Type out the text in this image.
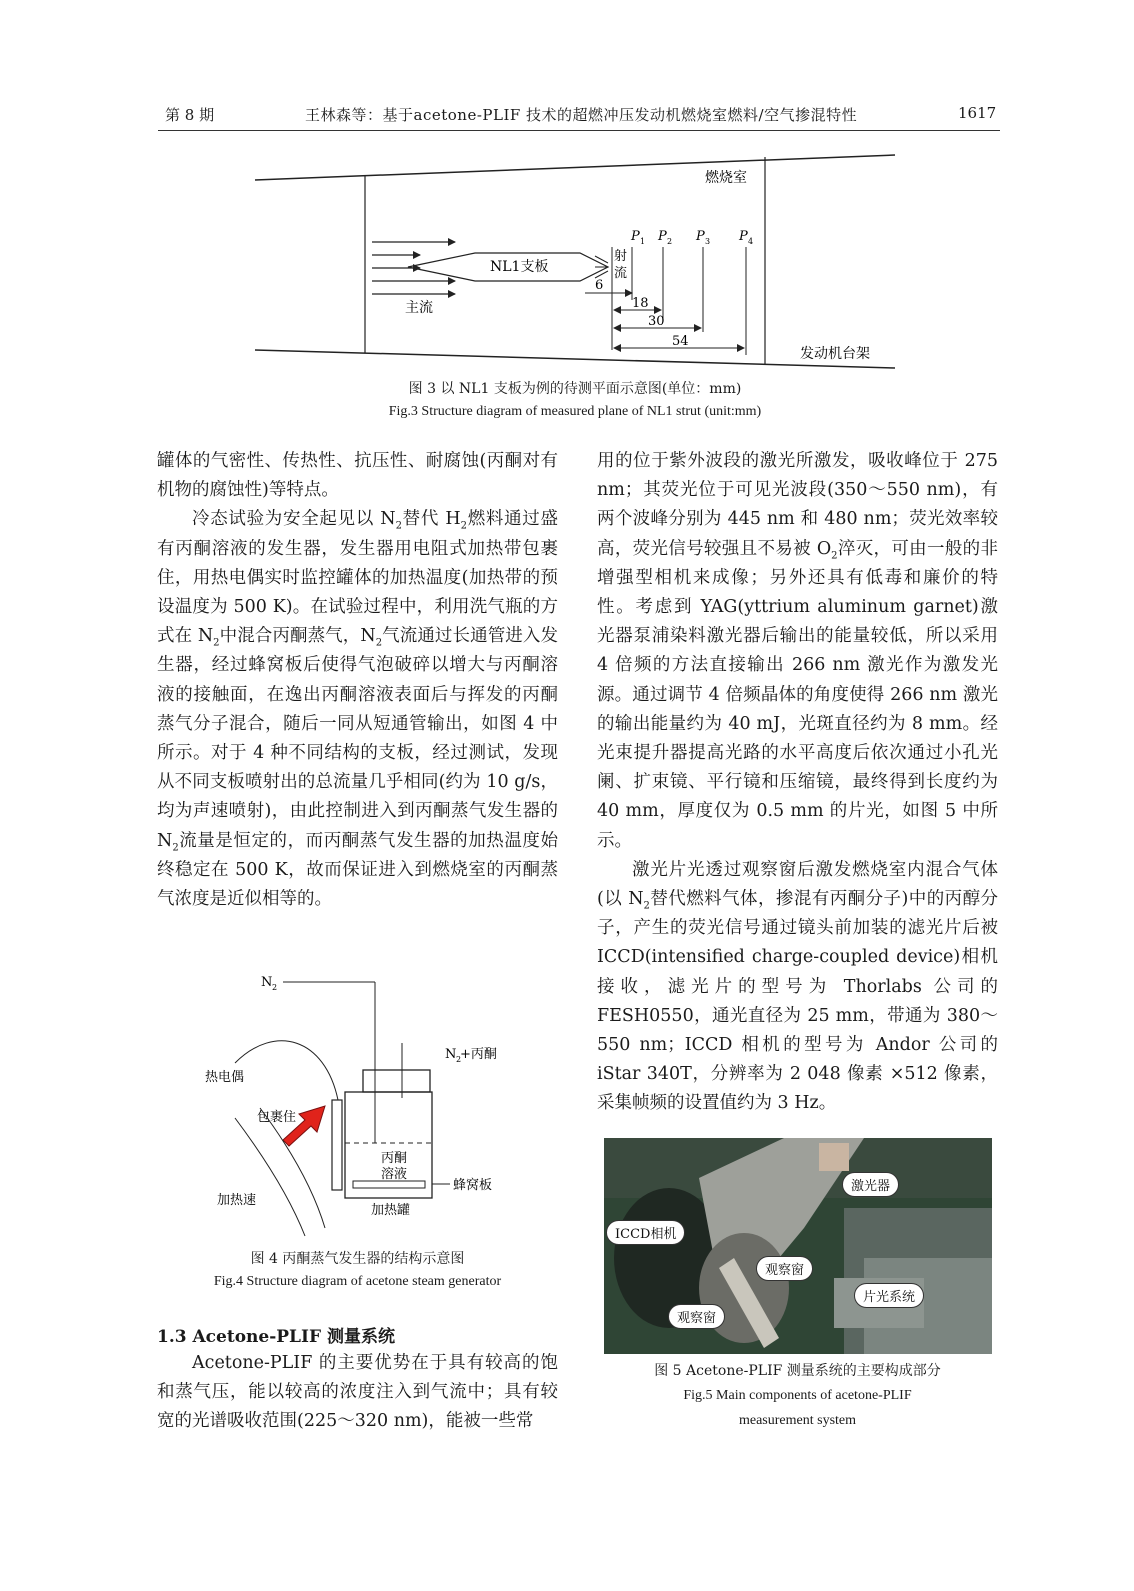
第 8 期	王林森等：基于acetone-PLIF 技术的超燃冲压发动机燃烧室燃料/空气掺混特性	1617
NL1支板
射
流
P 1 P 2 P 3 P 4
6
18
30
54
燃烧室
主流
发动机台架
图 3 以 NL1 支板为例的待测平面示意图(单位：mm)
Fig.3 Structure diagram of measured plane of NL1 strut (unit:mm)

罐体的气密性、传热性、抗压性、耐腐蚀(丙酮对有机物的腐蚀性)等特点。

冷态试验为安全起见以 $N_2$替代 $H_2$燃料通过盛有丙酮溶液的发生器，发生器用电阻式加热带包裹住，用热电偶实时监控罐体的加热温度(加热带的预设温度为 500 K)。在试验过程中，利用洗气瓶的方式在 $N_2$中混合丙酮蒸气，$N_2$气流通过长通管进入发生器，经过蜂窝板后使得气泡破碎以增大与丙酮溶液的接触面，在逸出丙酮溶液表面后与挥发的丙酮蒸气分子混合，随后一同从短通管输出，如图 4 中所示。对于 4 种不同结构的支板，经过测试，发现从不同支板喷射出的总流量几乎相同(约为 10 g/s，均为声速喷射)，由此控制进入到丙酮蒸气发生器的 $N_2$流量是恒定的，而丙酮蒸气发生器的加热温度始终稳定在 500 K，故而保证进入到燃烧室的丙酮蒸气浓度是近似相等的。

N 2
N 2
+丙酮
丙酮
溶液
蜂窝板
加热罐
热电偶
包裹住
加热速
图 4 丙酮蒸气发生器的结构示意图
Fig.4 Structure diagram of acetone steam generator
1.3 Acetone-PLIF 测量系统

Acetone-PLIF 的主要优势在于具有较高的饱和蒸气压，能以较高的浓度注入到气流中；具有较宽的光谱吸收范围(225～320 nm)，能被一些常

用的位于紫外波段的激光所激发，吸收峰位于 275 nm；其荧光位于可见光波段(350～550 nm)，有两个波峰分别为 445 nm 和 480 nm；荧光效率较高，荧光信号较强且不易被 $O_2$淬灭，可由一般的非增强型相机来成像；另外还具有低毒和廉价的特性。考虑到 YAG(yttrium aluminum garnet)激光器泵浦染料激光器后输出的能量较低，所以采用 4 倍频的方法直接输出 266 nm 激光作为激发光源。通过调节 4 倍频晶体的角度使得 266 nm 激光的输出能量约为 40 mJ，光斑直径约为 8 mm。经光束提升器提高光路的水平高度后依次通过小孔光阑、扩束镜、平行镜和压缩镜，最终得到长度约为 40 mm，厚度仅为 0.5 mm 的片光，如图 5 中所示。

激光片光透过观察窗后激发燃烧室内混合气体(以 $N_2$替代燃料气体，掺混有丙酮分子)中的丙醇分子，产生的荧光信号通过镜头前加装的滤光片后被 ICCD(intensified charge-coupled device)相机接收，滤光片的型号为 Thorlabs 公司的 FESH0550，通光直径为 25 mm，带通为 380～550 nm；ICCD 相机的型号为 Andor 公司的 iStar 340T，分辨率为 2 048 像素 ×512 像素，采集帧频的设置值约为 3 Hz。

激光器
ICCD相机
观察窗
片光系统
观察窗
图 5 Acetone-PLIF 测量系统的主要构成部分
Fig.5 Main components of acetone-PLIF
measurement system
